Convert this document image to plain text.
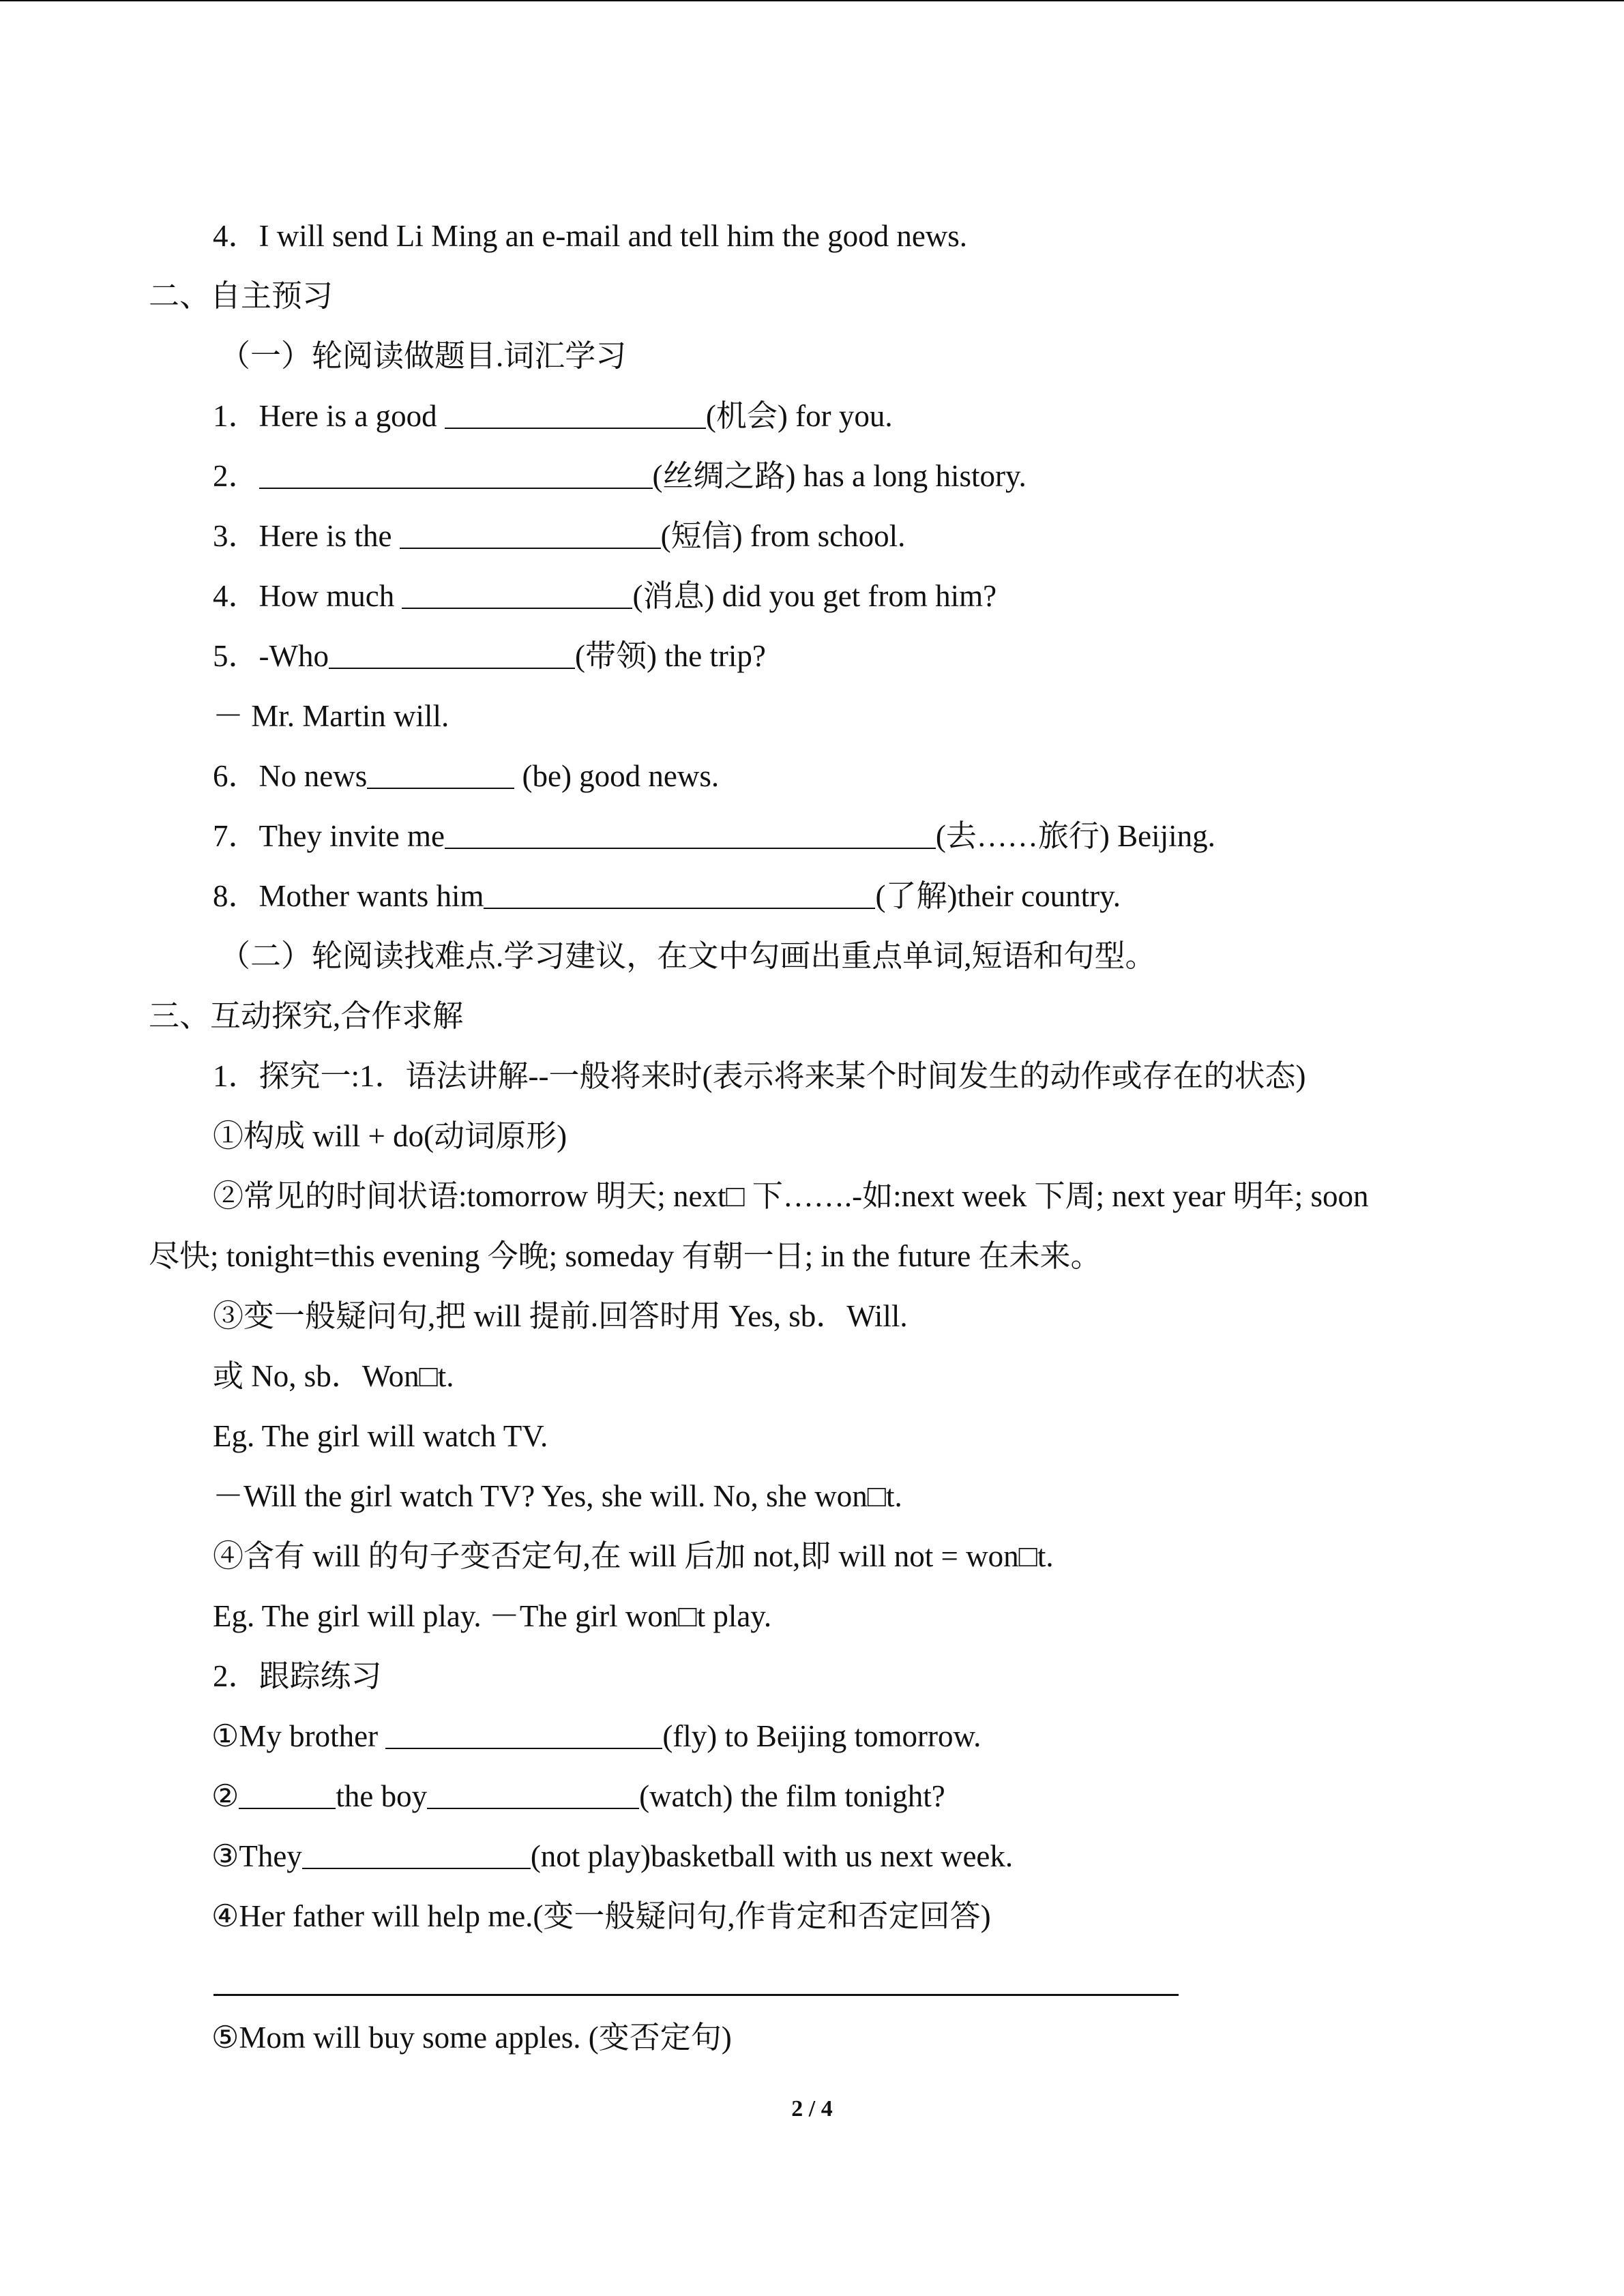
4．I will send Li Ming an e-mail and tell him the good news.
二、自主预习
（一）轮阅读做题目.词汇学习
1．Here is a good	(机会) for you.
2．	(丝绸之路) has a long history.
3．Here is the	(短信) from school.
4．How much	(消息) did you get from him?
5．-Who	(带领) the trip?
－ Mr. Martin will.
6．No news	(be) good news.
7．They invite me	(去……旅行) Beijing.
8．Mother wants him	(了解)their country.
（二）轮阅读找难点.学习建议，在文中勾画出重点单词,短语和句型。
三、互动探究,合作求解
1．探究一:1．语法讲解--一般将来时(表示将来某个时间发生的动作或存在的状态)
①构成 will + do(动词原形)
②常见的时间状语:tomorrow 明天; next□ 下…….-如:next week 下周; next year 明年; soon
尽快; tonight=this evening 今晚; someday 有朝一日; in the future 在未来。
③变一般疑问句,把 will 提前.回答时用 Yes, sb．Will.
或 No, sb．Won□t.
Eg. The girl will watch TV.
－Will the girl watch TV? Yes, she will. No, she won□t.
④含有 will 的句子变否定句,在 will 后加 not,即 will not = won□t.
Eg. The girl will play. －The girl won□t play.
2．跟踪练习
①My brother	(fly) to Beijing tomorrow.
②	the boy	(watch) the film tonight?
③They	(not play)basketball with us next week.
④Her father will help me.(变一般疑问句,作肯定和否定回答)
⑤Mom will buy some apples. (变否定句)
2 / 4
